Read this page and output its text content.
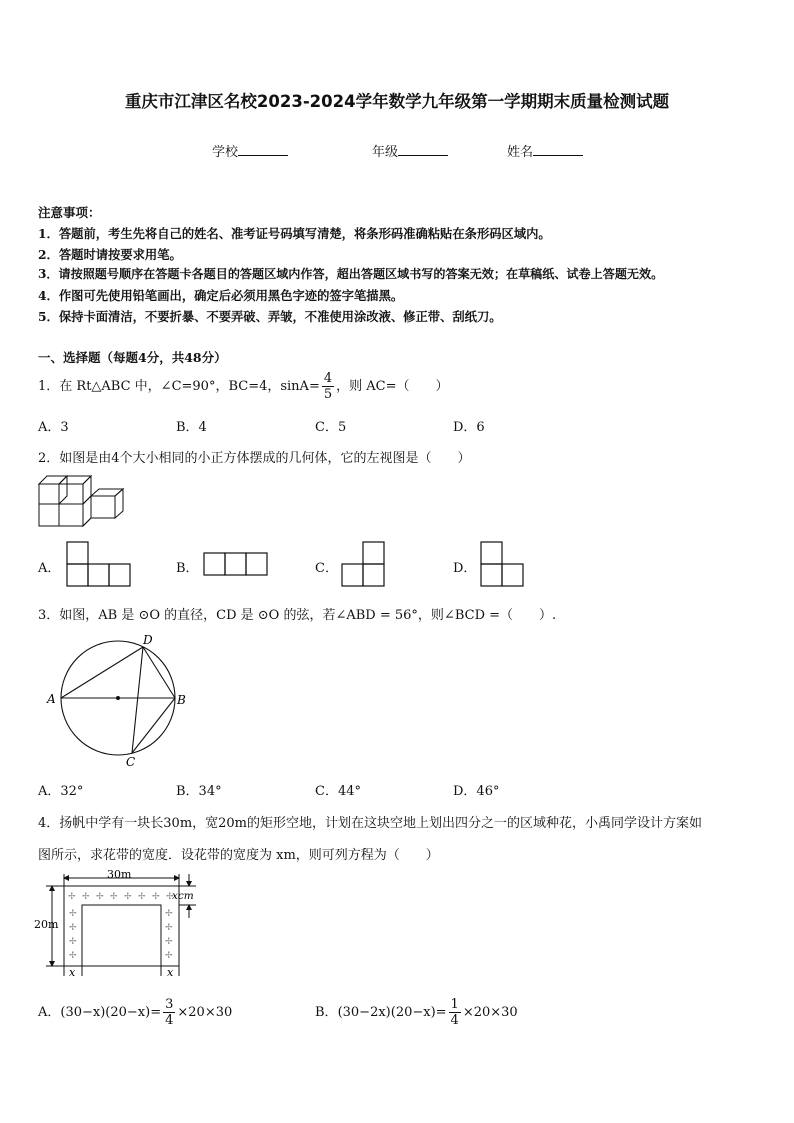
重庆市江津区名校2023-2024学年数学九年级第一学期期末质量检测试题
学校	年级	姓名
注意事项：
1．答题前，考生先将自己的姓名、准考证号码填写清楚，将条形码准确粘贴在条形码区域内。
2．答题时请按要求用笔。
3．请按照题号顺序在答题卡各题目的答题区域内作答，超出答题区域书写的答案无效；在草稿纸、试卷上答题无效。
4．作图可先使用铅笔画出，确定后必须用黑色字迹的签字笔描黑。
5．保持卡面清洁，不要折暴、不要弄破、弄皱，不准使用涂改液、修正带、刮纸刀。
一、选择题（每题4分，共48分）
1．在 Rt△ABC 中，∠C=90°，BC=4，$\sin A= \frac{4}{5}$ ，则 AC=（　　）
A．3	B．4	C．5	D．6
2．如图是由4个大小相同的小正方体摆成的几何体，它的左视图是（　　）
A．	B．	C．	D．
3．如图，AB 是 ⊙O 的直径，CD 是 ⊙O 的弦，若∠ABD = 56°，则∠BCD =（　　）.
A	B
C
D
A．32°	B．34°	C．44°	D．46°
4．扬帆中学有一块长30m，宽20m的矩形空地，计划在这块空地上划出四分之一的区域种花，小禹同学设计方案如
图所示，求花带的宽度．设花带的宽度为 xm，则可列方程为（　　）
✢ ✢ ✢ ✢ ✢ ✢ ✢ ✢
✢
✢
✢
✢
✢
✢
✢
✢
30m
20m
xcm
x	x
A．$(30-x)(20-x)= \frac{3}{4} \times 20\times 30$	B．$(30-2x)(20-x)= \frac{1}{4} \times 20\times 30$
